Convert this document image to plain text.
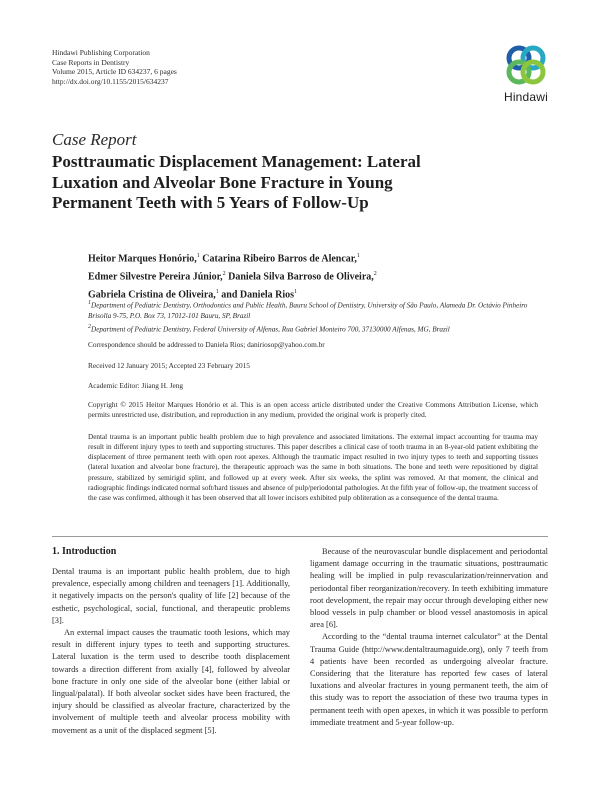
Hindawi Publishing Corporation
Case Reports in Dentistry
Volume 2015, Article ID 634237, 6 pages
http://dx.doi.org/10.1155/2015/634237
Hindawi
Case Report
Posttraumatic Displacement Management: Lateral Luxation and Alveolar Bone Fracture in Young Permanent Teeth with 5 Years of Follow-Up
Heitor Marques Honório,$^1$ Catarina Ribeiro Barros de Alencar,$^1$
Edmer Silvestre Pereira Júnior,$^2$ Daniela Silva Barroso de Oliveira,$^2$
Gabriela Cristina de Oliveira,$^1$ and Daniela Rios$^1$
$^1$Department of Pediatric Dentistry, Orthodontics and Public Health, Bauru School of Dentistry, University of São Paulo, Alameda Dr. Octávio Pinheiro Brisolla 9-75, P.O. Box 73, 17012-101 Bauru, SP, Brazil
$^2$Department of Pediatric Dentistry, Federal University of Alfenas, Rua Gabriel Monteiro 700, 37130000 Alfenas, MG, Brazil
Correspondence should be addressed to Daniela Rios; daniriosop@yahoo.com.br
Received 12 January 2015; Accepted 23 February 2015
Academic Editor: Jiiang H. Jeng
Copyright © 2015 Heitor Marques Honório et al. This is an open access article distributed under the Creative Commons Attribution License, which permits unrestricted use, distribution, and reproduction in any medium, provided the original work is properly cited.
Dental trauma is an important public health problem due to high prevalence and associated limitations. The external impact accounting for trauma may result in different injury types to teeth and supporting structures. This paper describes a clinical case of tooth trauma in an 8-year-old patient exhibiting the displacement of three permanent teeth with open root apexes. Although the traumatic impact resulted in two injury types to teeth and supporting tissues (lateral luxation and alveolar bone fracture), the therapeutic approach was the same in both situations. The bone and teeth were repositioned by digital pressure, stabilized by semirigid splint, and followed up at every week. After six weeks, the splint was removed. At that moment, the clinical and radiographic findings indicated normal soft/hard tissues and absence of pulp/periodontal pathologies. At the fifth year of follow-up, the treatment success of the case was confirmed, although it has been observed that all lower incisors exhibited pulp obliteration as a consequence of the dental trauma.
1. Introduction

Dental trauma is an important public health problem, due to high prevalence, especially among children and teenagers [1]. Additionally, it negatively impacts on the person's quality of life [2] because of the esthetic, psychological, social, functional, and therapeutic problems [3].

An external impact causes the traumatic tooth lesions, which may result in different injury types to teeth and supporting structures. Lateral luxation is the term used to describe tooth displacement towards a direction different from axially [4], followed by alveolar bone fracture in only one side of the alveolar bone (either labial or lingual/palatal). If both alveolar socket sides have been fractured, the injury should be classified as alveolar fracture, characterized by the involvement of multiple teeth and alveolar process mobility with movement as a unit of the displaced segment [5].

Because of the neurovascular bundle displacement and periodontal ligament damage occurring in the traumatic situations, posttraumatic healing will be implied in pulp revascularization/reinnervation and periodontal fiber reorganization/recovery. In teeth exhibiting immature root development, the repair may occur through developing either new blood vessels in pulp chamber or blood vessel anastomosis in apical area [6].

According to the “dental trauma internet calculator” at the Dental Trauma Guide (http://www.dentaltraumaguide.org), only 7 teeth from 4 patients have been recorded as undergoing alveolar fracture. Considering that the literature has reported few cases of lateral luxations and alveolar fractures in young permanent teeth, the aim of this study was to report the association of these two trauma types in permanent teeth with open apexes, in which it was possible to perform immediate treatment and 5-year follow-up.
